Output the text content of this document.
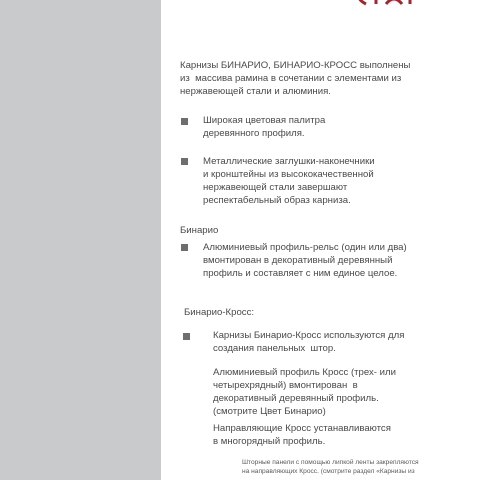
Карнизы БИНАРИО, БИНАРИО-КРОСС выполнены
из  массива рамина в сочетании с элементами из
нержавеющей стали и алюминия.
Широкая цветовая палитра
деревянного профиля.
Металлические заглушки-наконечники
и кронштейны из высококачественной
нержавеющей стали завершают
респектабельный образ карниза.
Бинарио
Алюминиевый профиль-рельс (один или два)
вмонтирован в декоративный деревянный
профиль и составляет с ним единое целое.
Бинарио-Кросс:
Карнизы Бинарио-Кросс используются для
создания панельных  штор.
Алюминиевый профиль Кросс (трех- или
четырехрядный) вмонтирован  в
декоративный деревянный профиль.
(смотрите Цвет Бинарио)
Направляющие Кросс устанавливаются
в многорядный профиль.
Шторные панели с помощью липкой ленты закрепляются
на направляющих Кросс. (смотрите раздел «Карнизы из
